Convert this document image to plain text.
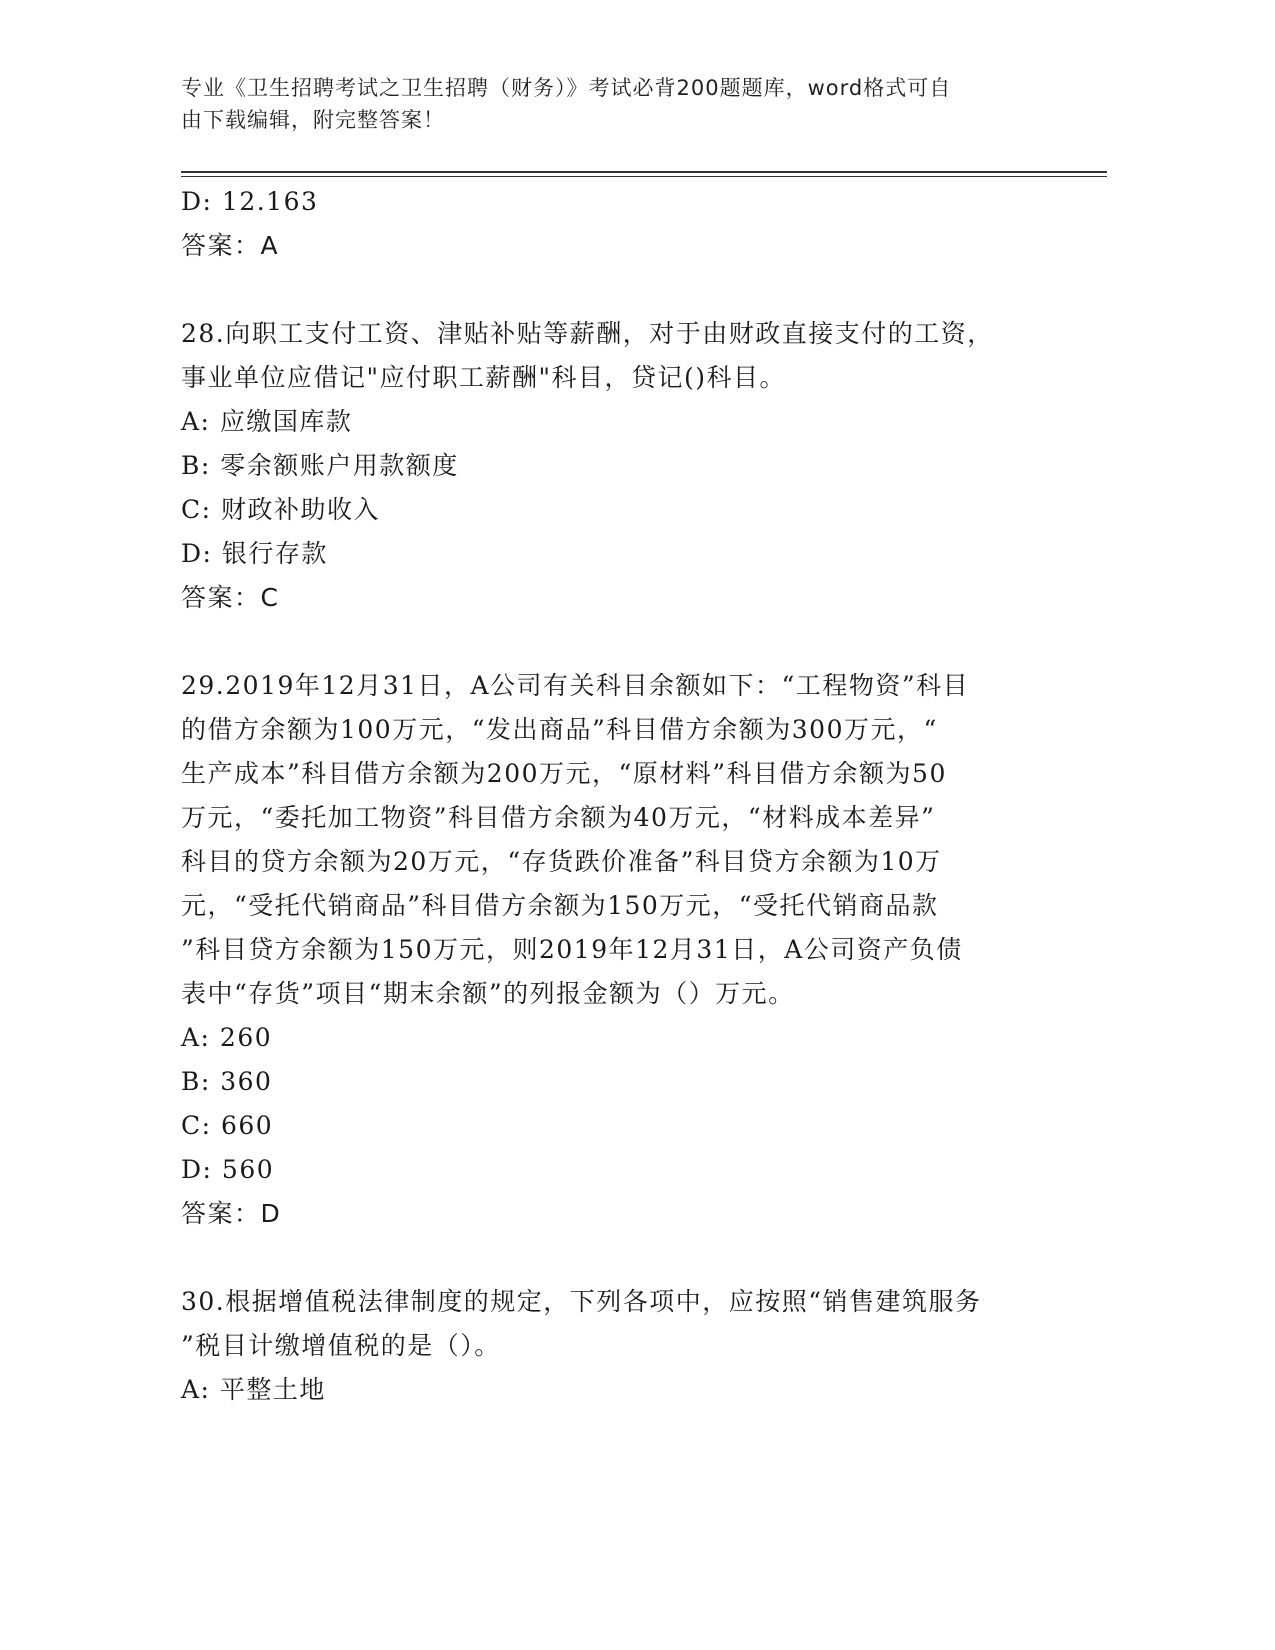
专业《卫生招聘考试之卫生招聘（财务）》考试必背200题题库，word格式可自
由下载编辑，附完整答案！
D: 12.163
答案：A
28.向职工支付工资、津贴补贴等薪酬，对于由财政直接支付的工资，
事业单位应借记"应付职工薪酬"科目，贷记()科目。
A: 应缴国库款
B: 零余额账户用款额度
C: 财政补助收入
D: 银行存款
答案：C
29.2019年12月31日，A公司有关科目余额如下：“工程物资”科目
的借方余额为100万元，“发出商品”科目借方余额为300万元，“
生产成本”科目借方余额为200万元，“原材料”科目借方余额为50
万元，“委托加工物资”科目借方余额为40万元，“材料成本差异”
科目的贷方余额为20万元，“存货跌价准备”科目贷方余额为10万
元，“受托代销商品”科目借方余额为150万元，“受托代销商品款
”科目贷方余额为150万元，则2019年12月31日，A公司资产负债
表中“存货”项目“期末余额”的列报金额为（）万元。
A: 260
B: 360
C: 660
D: 560
答案：D
30.根据增值税法律制度的规定，下列各项中，应按照“销售建筑服务
”税目计缴增值税的是（）。
A: 平整土地
